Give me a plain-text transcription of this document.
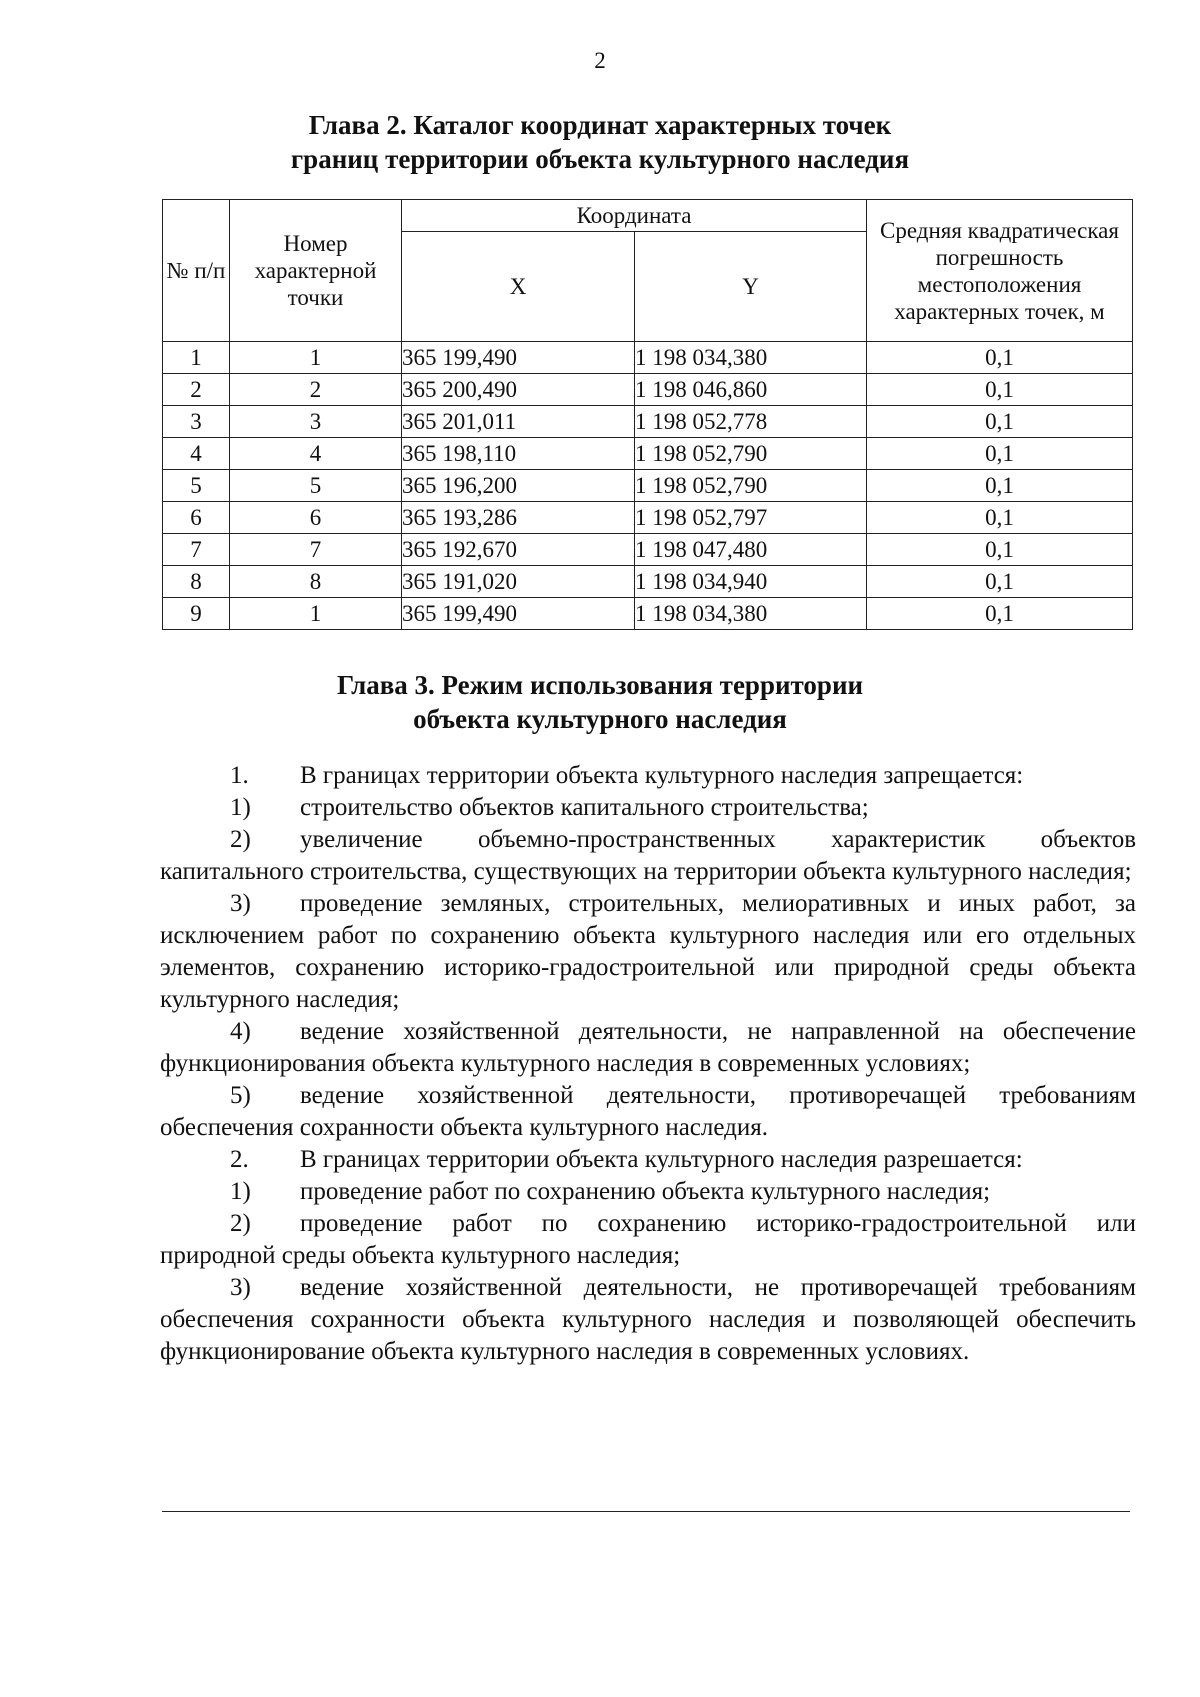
2
Глава 2. Каталог координат характерных точек
границ территории объекта культурного наследия
№ п/п	Номер характерной точки	Координата		Средняя квадратическая погрешность местоположения характерных точек, м
		X	Y	
1	1	365 199,490	1 198 034,380	0,1
2	2	365 200,490	1 198 046,860	0,1
3	3	365 201,011	1 198 052,778	0,1
4	4	365 198,110	1 198 052,790	0,1
5	5	365 196,200	1 198 052,790	0,1
6	6	365 193,286	1 198 052,797	0,1
7	7	365 192,670	1 198 047,480	0,1
8	8	365 191,020	1 198 034,940	0,1
9	1	365 199,490	1 198 034,380	0,1
Глава 3. Режим использования территории
объекта культурного наследия

1. В границах территории объекта культурного наследия запрещается:

1) строительство объектов капитального строительства;

2) увеличение объемно-пространственных характеристик объектов капитального строительства, существующих на территории объекта культурного наследия;

3) проведение земляных, строительных, мелиоративных и иных работ, за исключением работ по сохранению объекта культурного наследия или его отдельных элементов, сохранению историко-градостроительной или природной среды объекта культурного наследия;

4) ведение хозяйственной деятельности, не направленной на обеспечение функционирования объекта культурного наследия в современных условиях;

5) ведение хозяйственной деятельности, противоречащей требованиям обеспечения сохранности объекта культурного наследия.

2. В границах территории объекта культурного наследия разрешается:

1) проведение работ по сохранению объекта культурного наследия;

2) проведение работ по сохранению историко-градостроительной или природной среды объекта культурного наследия;

3) ведение хозяйственной деятельности, не противоречащей требованиям обеспечения сохранности объекта культурного наследия и позволяющей обеспечить функционирование объекта культурного наследия в современных условиях.
